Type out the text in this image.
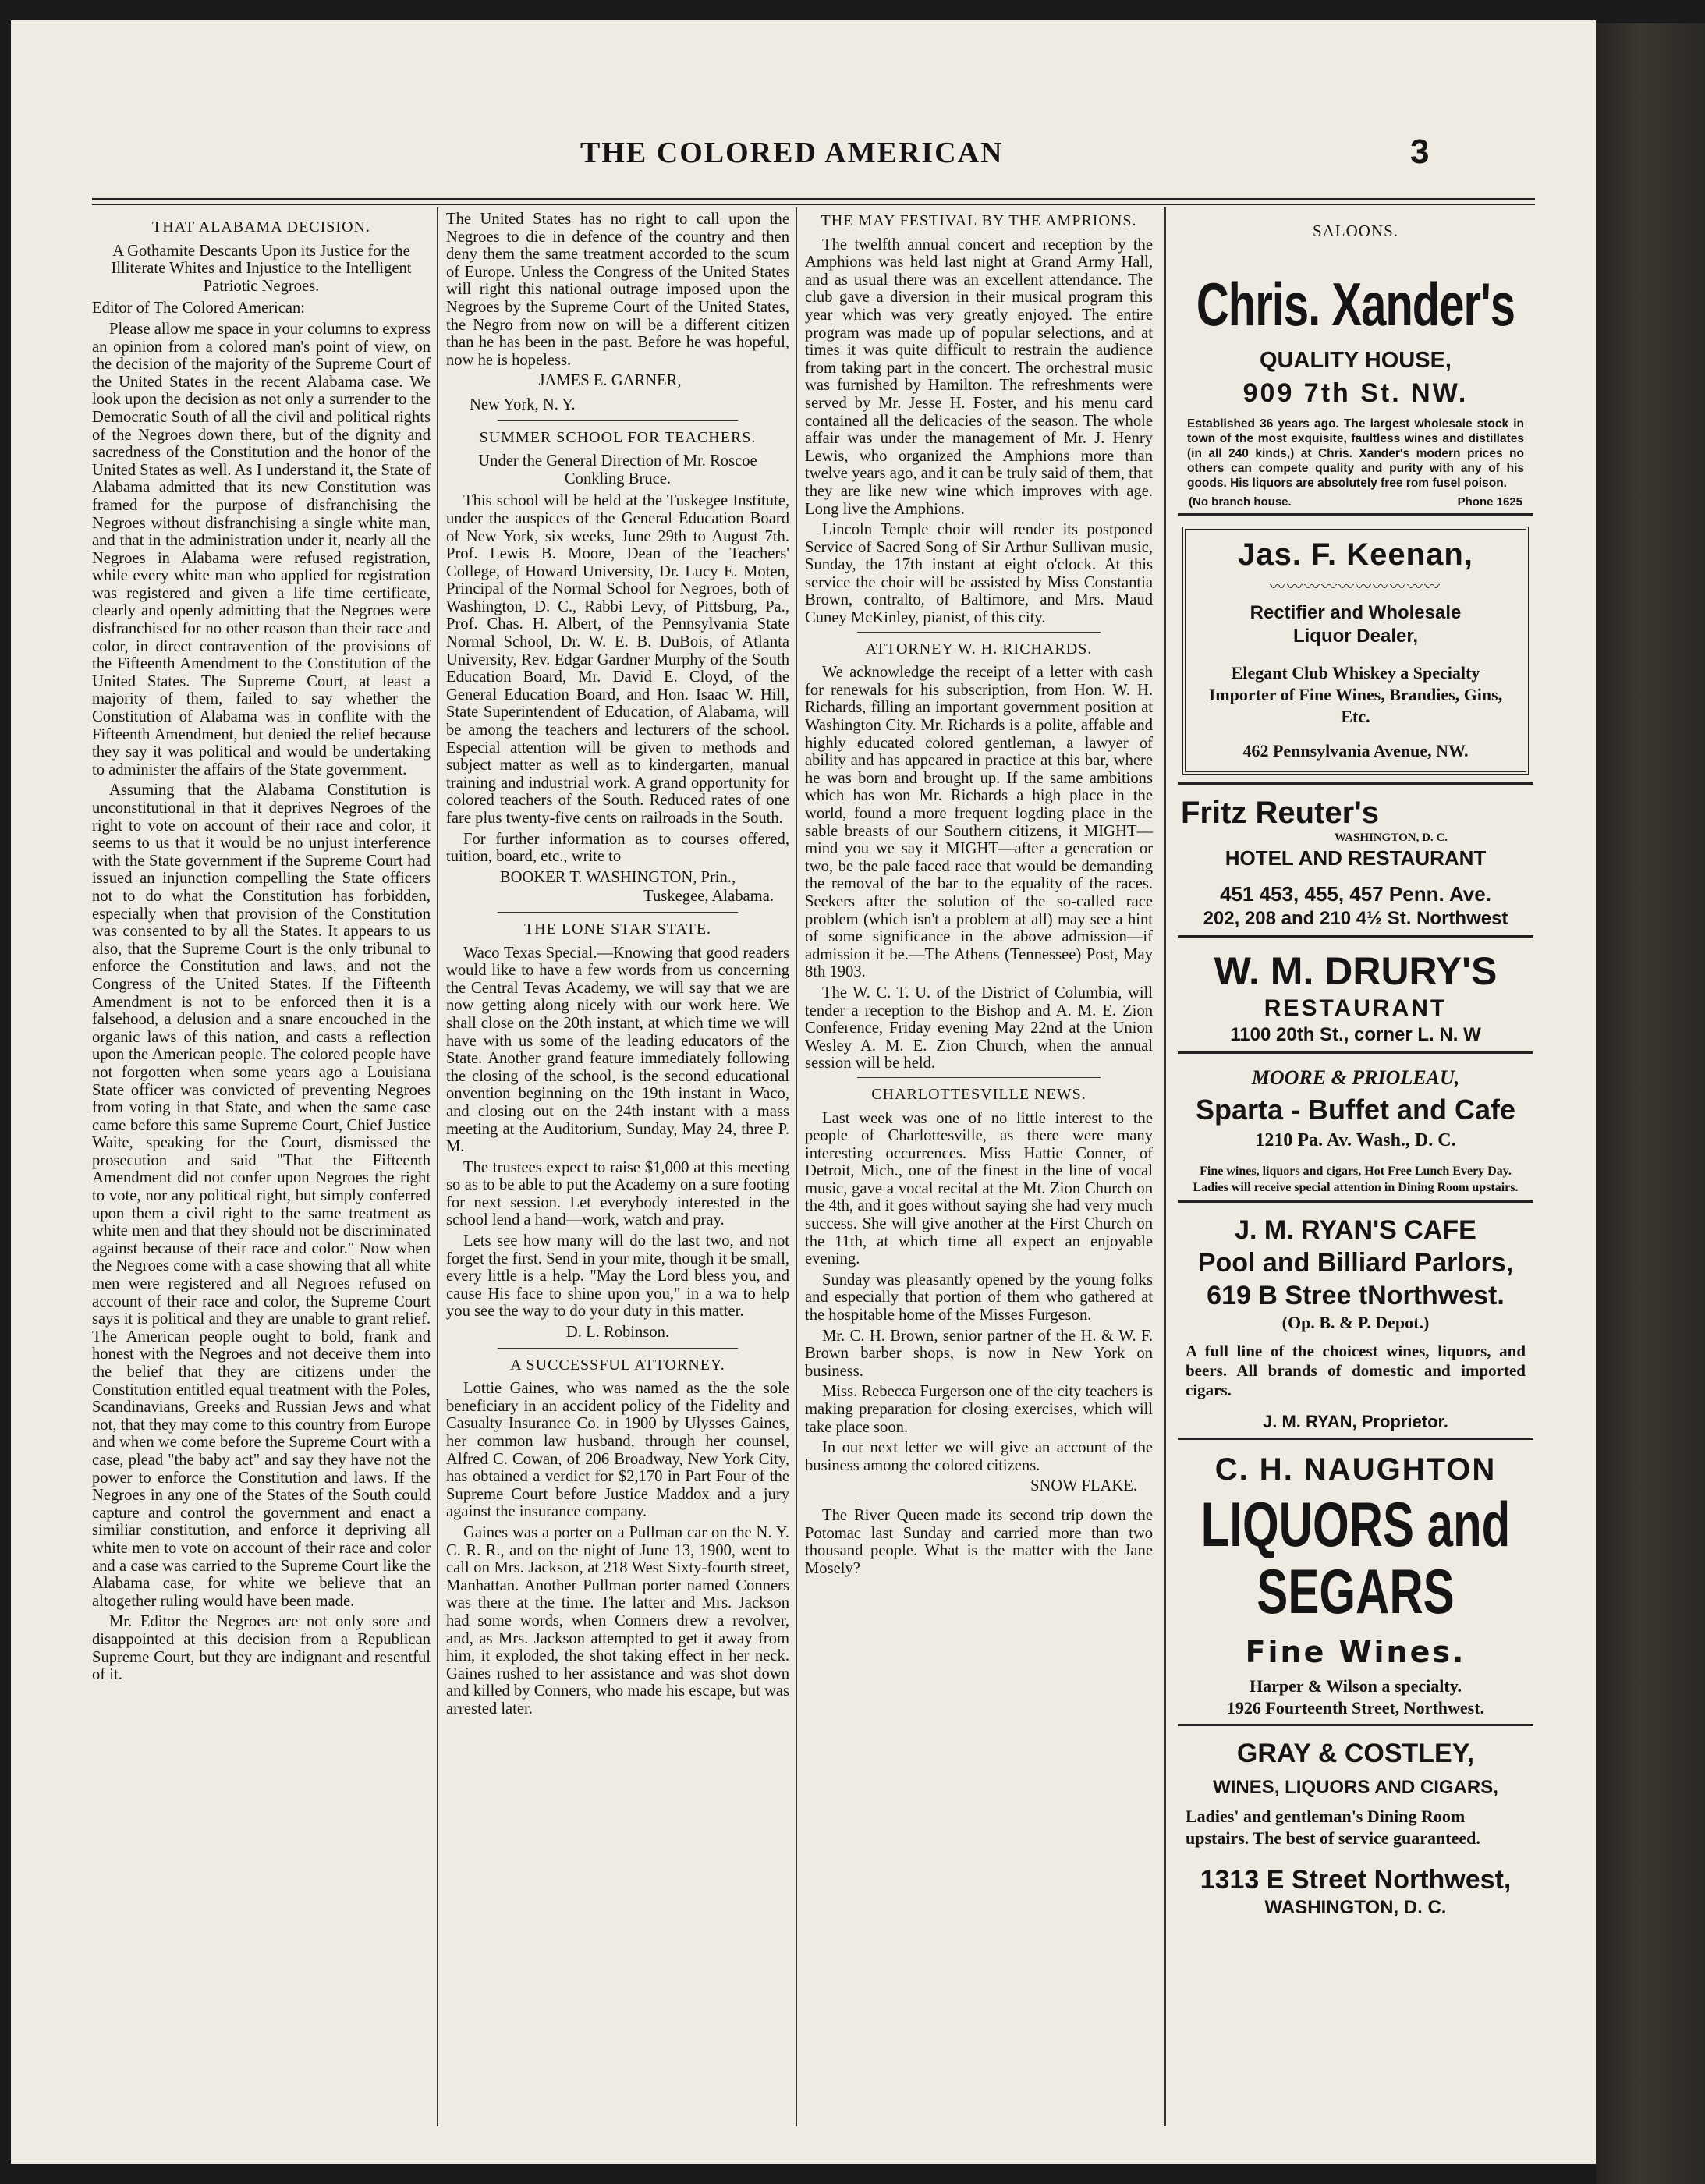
THE COLORED AMERICAN	3
THAT ALABAMA DECISION.

A Gothamite Descants Upon its Justice for the Illiterate Whites and Injustice to the Intelligent Patriotic Negroes.

Editor of The Colored American:

Please allow me space in your columns to express an opinion from a colored man's point of view, on the decision of the majority of the Supreme Court of the United States in the recent Alabama case. We look upon the decision as not only a surrender to the Democratic South of all the civil and political rights of the Negroes down there, but of the dignity and sacredness of the Constitution and the honor of the United States as well. As I understand it, the State of Alabama admitted that its new Constitution was framed for the purpose of disfranchising the Negroes without disfranchising a single white man, and that in the administration under it, nearly all the Negroes in Alabama were refused registration, while every white man who applied for registration was registered and given a life time certificate, clearly and openly admitting that the Negroes were disfranchised for no other reason than their race and color, in direct contravention of the provisions of the Fifteenth Amendment to the Constitution of the United States. The Supreme Court, at least a majority of them, failed to say whether the Constitution of Alabama was in conflite with the Fifteenth Amendment, but denied the relief because they say it was political and would be undertaking to administer the affairs of the State government.

Assuming that the Alabama Constitution is unconstitutional in that it deprives Negroes of the right to vote on account of their race and color, it seems to us that it would be no unjust interference with the State government if the Supreme Court had issued an injunction compelling the State officers not to do what the Constitution has forbidden, especially when that provision of the Constitution was consented to by all the States. It appears to us also, that the Supreme Court is the only tribunal to enforce the Constitution and laws, and not the Congress of the United States. If the Fifteenth Amendment is not to be enforced then it is a falsehood, a delusion and a snare encouched in the organic laws of this nation, and casts a reflection upon the American people. The colored people have not forgotten when some years ago a Louisiana State officer was convicted of preventing Negroes from voting in that State, and when the same case came before this same Supreme Court, Chief Justice Waite, speaking for the Court, dismissed the prosecution and said "That the Fifteenth Amendment did not confer upon Negroes the right to vote, nor any political right, but simply conferred upon them a civil right to the same treatment as white men and that they should not be discriminated against because of their race and color." Now when the Negroes come with a case showing that all white men were registered and all Negroes refused on account of their race and color, the Supreme Court says it is political and they are unable to grant relief. The American people ought to bold, frank and honest with the Negroes and not deceive them into the belief that they are citizens under the Constitution entitled equal treatment with the Poles, Scandinavians, Greeks and Russian Jews and what not, that they may come to this country from Europe and when we come before the Supreme Court with a case, plead "the baby act" and say they have not the power to enforce the Constitution and laws. If the Negroes in any one of the States of the South could capture and control the government and enact a similiar constitution, and enforce it depriving all white men to vote on account of their race and color and a case was carried to the Supreme Court like the Alabama case, for white we believe that an altogether ruling would have been made.

Mr. Editor the Negroes are not only sore and disappointed at this decision from a Republican Supreme Court, but they are indignant and resentful of it.

The United States has no right to call upon the Negroes to die in defence of the country and then deny them the same treatment accorded to the scum of Europe. Unless the Congress of the United States will right this national outrage imposed upon the Negroes by the Supreme Court of the United States, the Negro from now on will be a different citizen than he has been in the past. Before he was hopeful, now he is hopeless.

JAMES E. GARNER,

New York, N. Y.

SUMMER SCHOOL FOR TEACHERS.

Under the General Direction of Mr. Roscoe Conkling Bruce.

This school will be held at the Tuskegee Institute, under the auspices of the General Education Board of New York, six weeks, June 29th to August 7th. Prof. Lewis B. Moore, Dean of the Teachers' College, of Howard University, Dr. Lucy E. Moten, Principal of the Normal School for Negroes, both of Washington, D. C., Rabbi Levy, of Pittsburg, Pa., Prof. Chas. H. Albert, of the Pennsylvania State Normal School, Dr. W. E. B. DuBois, of Atlanta University, Rev. Edgar Gardner Murphy of the South Education Board, Mr. David E. Cloyd, of the General Education Board, and Hon. Isaac W. Hill, State Superintendent of Education, of Alabama, will be among the teachers and lecturers of the school. Especial attention will be given to methods and subject matter as well as to kindergarten, manual training and industrial work. A grand opportunity for colored teachers of the South. Reduced rates of one fare plus twenty-five cents on railroads in the South.

For further information as to courses offered, tuition, board, etc., write to

BOOKER T. WASHINGTON, Prin.,

Tuskegee, Alabama.

THE LONE STAR STATE.

Waco Texas Special.—Knowing that good readers would like to have a few words from us concerning the Central Tevas Academy, we will say that we are now getting along nicely with our work here. We shall close on the 20th instant, at which time we will have with us some of the leading educators of the State. Another grand feature immediately following the closing of the school, is the second educational onvention beginning on the 19th instant in Waco, and closing out on the 24th instant with a mass meeting at the Auditorium, Sunday, May 24, three P. M.

The trustees expect to raise $1,000 at this meeting so as to be able to put the Academy on a sure footing for next session. Let everybody interested in the school lend a hand—work, watch and pray.

Lets see how many will do the last two, and not forget the first. Send in your mite, though it be small, every little is a help. "May the Lord bless you, and cause His face to shine upon you," in a wa to help you see the way to do your duty in this matter.

D. L. Robinson.

A SUCCESSFUL ATTORNEY.

Lottie Gaines, who was named as the the sole beneficiary in an accident policy of the Fidelity and Casualty Insurance Co. in 1900 by Ulysses Gaines, her common law husband, through her counsel, Alfred C. Cowan, of 206 Broadway, New York City, has obtained a verdict for $2,170 in Part Four of the Supreme Court before Justice Maddox and a jury against the insurance company.

Gaines was a porter on a Pullman car on the N. Y. C. R. R., and on the night of June 13, 1900, went to call on Mrs. Jackson, at 218 West Sixty-fourth street, Manhattan. Another Pullman porter named Conners was there at the time. The latter and Mrs. Jackson had some words, when Conners drew a revolver, and, as Mrs. Jackson attempted to get it away from him, it exploded, the shot taking effect in her neck. Gaines rushed to her assistance and was shot down and killed by Conners, who made his escape, but was arrested later.

THE MAY FESTIVAL BY THE AMPRIONS.

The twelfth annual concert and reception by the Amphions was held last night at Grand Army Hall, and as usual there was an excellent attendance. The club gave a diversion in their musical program this year which was very greatly enjoyed. The entire program was made up of popular selections, and at times it was quite difficult to restrain the audience from taking part in the concert. The orchestral music was furnished by Hamilton. The refreshments were served by Mr. Jesse H. Foster, and his menu card contained all the delicacies of the season. The whole affair was under the management of Mr. J. Henry Lewis, who organized the Amphions more than twelve years ago, and it can be truly said of them, that they are like new wine which improves with age. Long live the Amphions.

Lincoln Temple choir will render its postponed Service of Sacred Song of Sir Arthur Sullivan music, Sunday, the 17th instant at eight o'clock. At this service the choir will be assisted by Miss Constantia Brown, contralto, of Baltimore, and Mrs. Maud Cuney McKinley, pianist, of this city.

ATTORNEY W. H. RICHARDS.

We acknowledge the receipt of a letter with cash for renewals for his subscription, from Hon. W. H. Richards, filling an important government position at Washington City. Mr. Richards is a polite, affable and highly educated colored gentleman, a lawyer of ability and has appeared in practice at this bar, where he was born and brought up. If the same ambitions which has won Mr. Richards a high place in the world, found a more frequent logding place in the sable breasts of our Southern citizens, it MIGHT—mind you we say it MIGHT—after a generation or two, be the pale faced race that would be demanding the removal of the bar to the equality of the races. Seekers after the solution of the so-called race problem (which isn't a problem at all) may see a hint of some significance in the above admission—if admission it be.—The Athens (Tennessee) Post, May 8th 1903.

The W. C. T. U. of the District of Columbia, will tender a reception to the Bishop and A. M. E. Zion Conference, Friday evening May 22nd at the Union Wesley A. M. E. Zion Church, when the annual session will be held.

CHARLOTTESVILLE NEWS.

Last week was one of no little interest to the people of Charlottesville, as there were many interesting occurrences. Miss Hattie Conner, of Detroit, Mich., one of the finest in the line of vocal music, gave a vocal recital at the Mt. Zion Church on the 4th, and it goes without saying she had very much success. She will give another at the First Church on the 11th, at which time all expect an enjoyable evening.

Sunday was pleasantly opened by the young folks and especially that portion of them who gathered at the hospitable home of the Misses Furgeson.

Mr. C. H. Brown, senior partner of the H. & W. F. Brown barber shops, is now in New York on business.

Miss. Rebecca Furgerson one of the city teachers is making preparation for closing exercises, which will take place soon.

In our next letter we will give an account of the business among the colored citizens.

SNOW FLAKE.

The River Queen made its second trip down the Potomac last Sunday and carried more than two thousand people. What is the matter with the Jane Mosely?

SALOONS.
Chris. Xander's
QUALITY HOUSE,
909 7th St. NW.
Established 36 years ago. The largest wholesale stock in town of the most exquisite, faultless wines and distillates (in all 240 kinds,) at Chris. Xander's modern prices no others can compete quality and purity with any of his goods. His liquors are absolutely free rom fusel poison.
(No branch house.	Phone 1625
Jas. F. Keenan,
〰〰〰〰〰〰〰〰〰〰
Rectifier and Wholesale
Liquor Dealer,
Elegant Club Whiskey a Specialty
Importer of Fine Wines, Brandies, Gins, Etc.
462 Pennsylvania Avenue, NW.
Fritz Reuter's
WASHINGTON, D. C.
HOTEL AND RESTAURANT
451 453, 455, 457 Penn. Ave.
202, 208 and 210 4½ St. Northwest
W. M. DRURY'S
RESTAURANT
1100 20th St., corner L. N. W
MOORE & PRIOLEAU,
Sparta - Buffet and Cafe
1210 Pa. Av. Wash., D. C.
Fine wines, liquors and cigars, Hot Free Lunch Every Day. Ladies will receive special attention in Dining Room upstairs.
J. M. RYAN'S CAFE
Pool and Billiard Parlors,
619 B Stree tNorthwest.
(Op. B. & P. Depot.)
A full line of the choicest wines, liquors, and beers. All brands of domestic and imported cigars.
J. M. RYAN, Proprietor.
C. H. NAUGHTON
LIQUORS and
SEGARS
Fine Wines.
Harper & Wilson a specialty.
1926 Fourteenth Street, Northwest.
GRAY & COSTLEY,
WINES, LIQUORS AND CIGARS,
Ladies' and gentleman's Dining Room upstairs. The best of service guaranteed.
1313 E Street Northwest,
WASHINGTON, D. C.
